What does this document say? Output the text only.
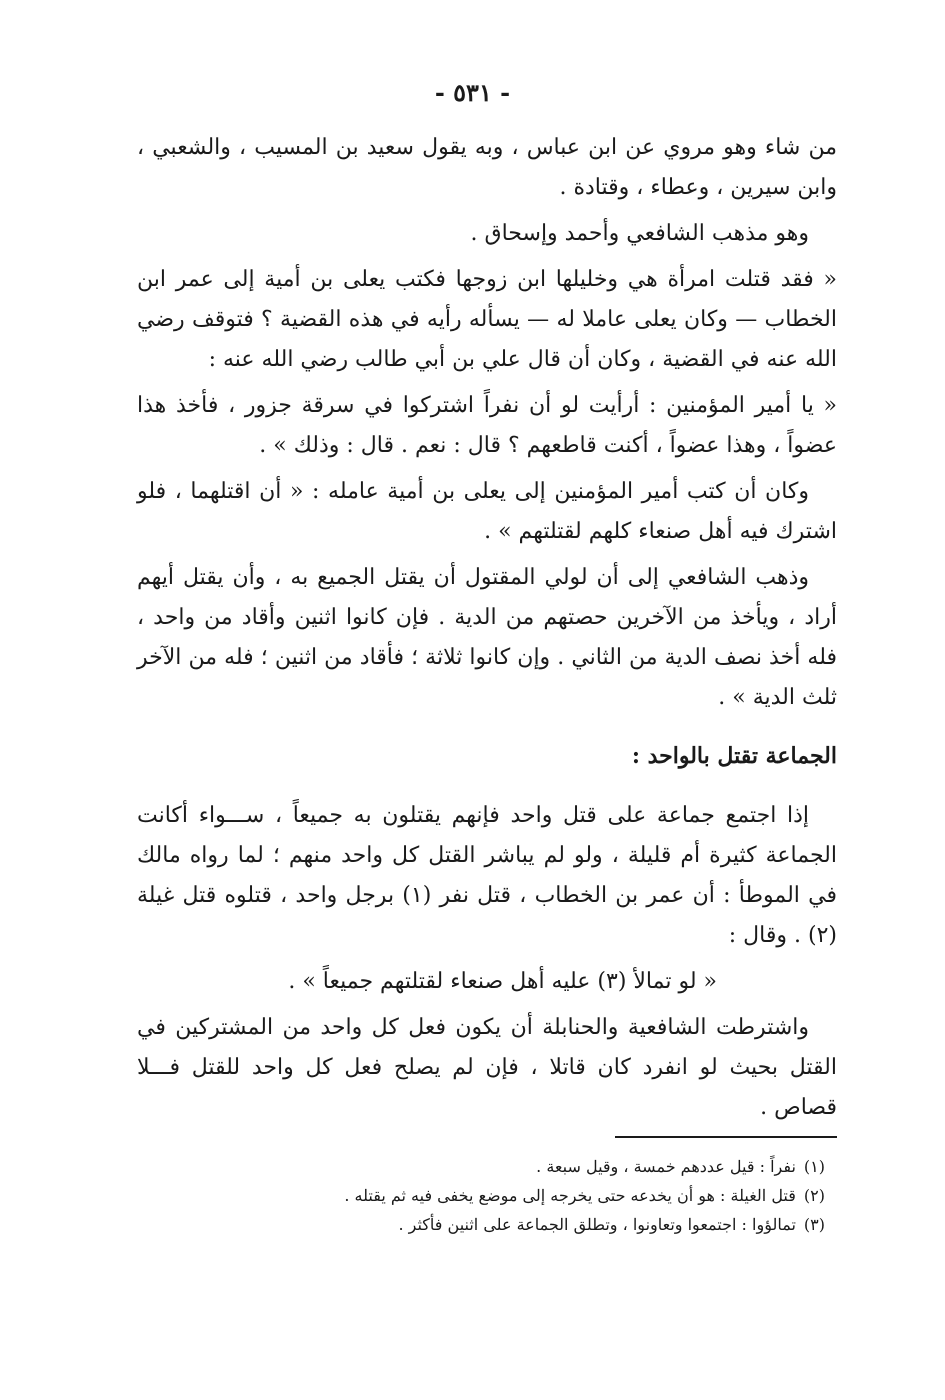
- ٥٣١ -

من شاء وهو مروي عن ابن عباس ، وبه يقول سعيد بن المسيب ، والشعبي ، وابن سيرين ، وعطاء ، وقتادة .

وهو مذهب الشافعي وأحمد وإسحاق .

« فقد قتلت امرأة هي وخليلها ابن زوجها فكتب يعلى بن أمية إلى عمر ابن الخطاب — وكان يعلى عاملا له — يسأله رأيه في هذه القضية ؟ فتوقف رضي الله عنه في القضية ، وكان أن قال علي بن أبي طالب رضي الله عنه :

« يا أمير المؤمنين : أرأيت لو أن نفراً اشتركوا في سرقة جزور ، فأخذ هذا عضواً ، وهذا عضواً ، أكنت قاطعهم ؟ قال : نعم . قال : وذلك » .

وكان أن كتب أمير المؤمنين إلى يعلى بن أمية عامله : « أن اقتلهما ، فلو اشترك فيه أهل صنعاء كلهم لقتلتهم » .

وذهب الشافعي إلى أن لولي المقتول أن يقتل الجميع به ، وأن يقتل أيهم أراد ، ويأخذ من الآخرين حصتهم من الدية . فإن كانوا اثنين وأقاد من واحد ، فله أخذ نصف الدية من الثاني . وإن كانوا ثلاثة ؛ فأقاد من اثنين ؛ فله من الآخر ثلث الدية » .

الجماعة تقتل بالواحد :

إذا اجتمع جماعة على قتل واحد فإنهم يقتلون به جميعاً ، ســـواء أكانت الجماعة كثيرة أم قليلة ، ولو لم يباشر القتل كل واحد منهم ؛ لما رواه مالك في الموطأ : أن عمر بن الخطاب ، قتل نفر (١) برجل واحد ، قتلوه قتل غيلة (٢) . وقال :

« لو تمالأ (٣) عليه أهل صنعاء لقتلتهم جميعاً » .

واشترطت الشافعية والحنابلة أن يكون فعل كل واحد من المشتركين في القتل بحيث لو انفرد كان قاتلا ، فإن لم يصلح فعل كل واحد للقتل فـــلا قصاص .

(١)نفراً : قيل عددهم خمسة ، وقيل سبعة .

(٢)قتل الغيلة : هو أن يخدعه حتى يخرجه إلى موضع يخفى فيه ثم يقتله .

(٣)تمالؤوا : اجتمعوا وتعاونوا ، وتطلق الجماعة على اثنين فأكثر .
